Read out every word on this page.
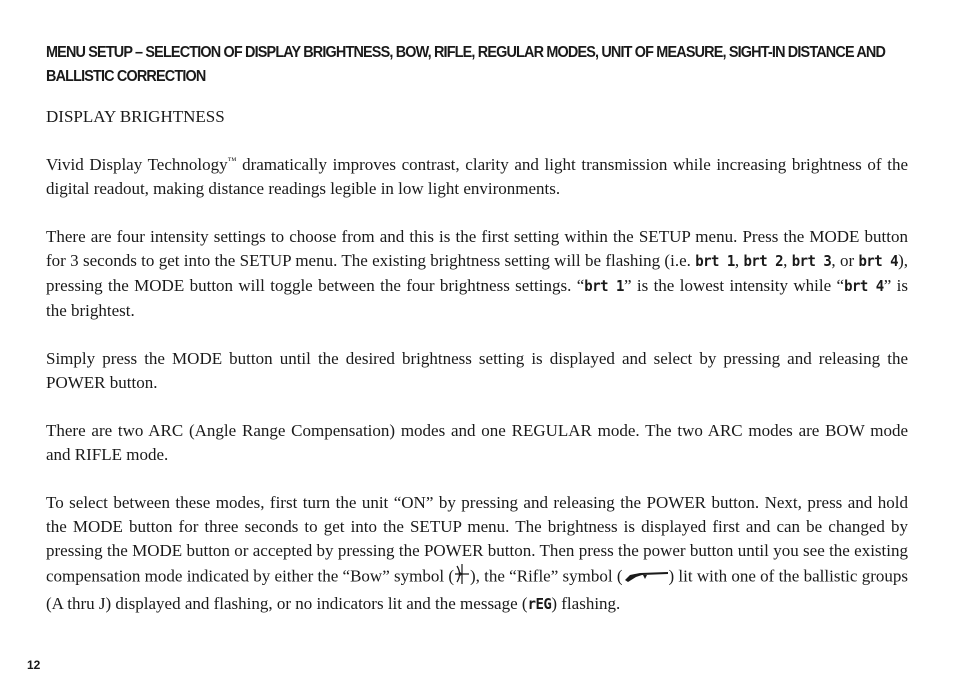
MENU SETUP – SELECTION OF DISPLAY BRIGHTNESS, BOW, RIFLE, REGULAR MODES, UNIT OF MEASURE, SIGHT-IN DISTANCE AND BALLISTIC CORRECTION
DISPLAY BRIGHTNESS

Vivid Display Technology™ dramatically improves contrast, clarity and light transmission while increasing brightness of the digital readout, making distance readings legible in low light environments.

There are four intensity settings to choose from and this is the first setting within the SETUP menu. Press the MODE button for 3 seconds to get into the SETUP menu. The existing brightness setting will be flashing (i.e. brt 1, brt 2, brt 3, or brt 4), pressing the MODE button will toggle between the four brightness settings. “brt 1” is the lowest intensity while “brt 4” is the brightest.

Simply press the MODE button until the desired brightness setting is displayed and select by pressing and releasing the POWER button.

There are two ARC (Angle Range Compensation) modes and one REGULAR mode. The two ARC modes are BOW mode and RIFLE mode.

To select between these modes, first turn the unit “ON” by pressing and releasing the POWER button. Next, press and hold the MODE button for three seconds to get into the SETUP menu. The brightness is displayed first and can be changed by pressing the MODE button or accepted by pressing the POWER button. Then press the power button until you see the existing compensation mode indicated by either the “Bow” symbol ( ), the “Rifle” symbol (	) lit with one of the ballistic groups (A thru J) displayed and flashing, or no indicators lit and the message (rEG) flashing.

12
